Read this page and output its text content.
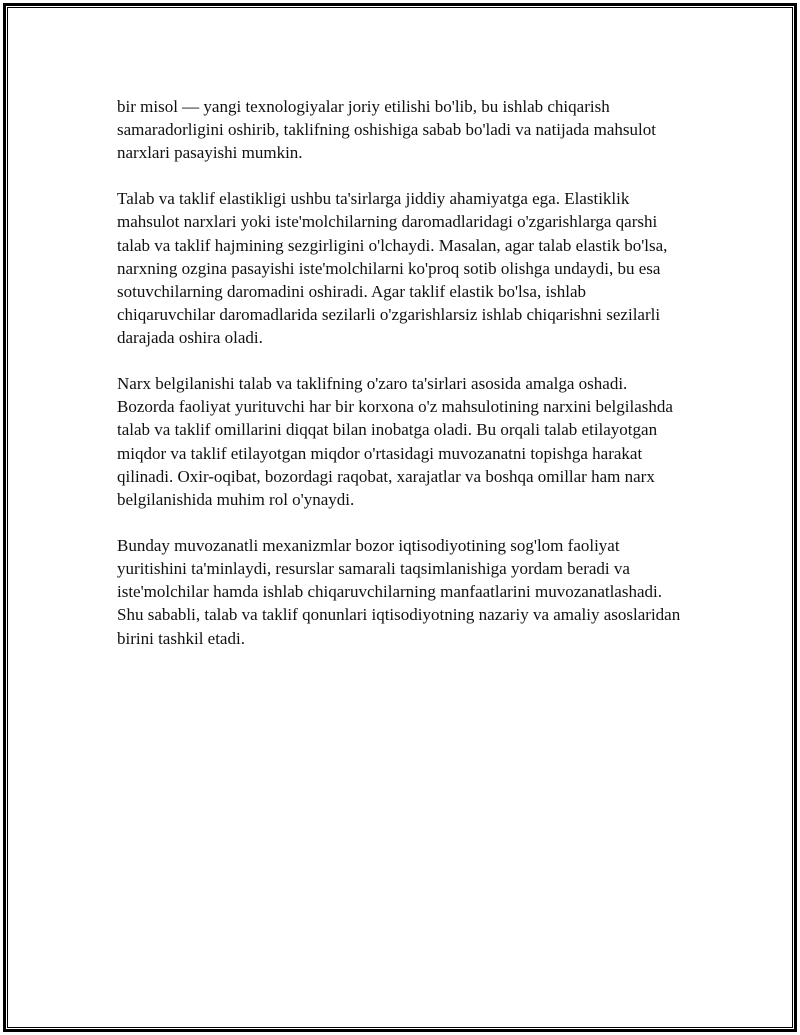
bir misol — yangi texnologiyalar joriy etilishi bo'lib, bu ishlab chiqarish samaradorligini oshirib, taklifning oshishiga sabab bo'ladi va natijada mahsulot narxlari pasayishi mumkin.

Talab va taklif elastikligi ushbu ta'sirlarga jiddiy ahamiyatga ega. Elastiklik mahsulot narxlari yoki iste'molchilarning daromadlaridagi o'zgarishlarga qarshi talab va taklif hajmining sezgirligini o'lchaydi. Masalan, agar talab elastik bo'lsa, narxning ozgina pasayishi iste'molchilarni ko'proq sotib olishga undaydi, bu esa sotuvchilarning daromadini oshiradi. Agar taklif elastik bo'lsa, ishlab chiqaruvchilar daromadlarida sezilarli o'zgarishlarsiz ishlab chiqarishni sezilarli darajada oshira oladi.

Narx belgilanishi talab va taklifning o'zaro ta'sirlari asosida amalga oshadi. Bozorda faoliyat yurituvchi har bir korxona o'z mahsulotining narxini belgilashda talab va taklif omillarini diqqat bilan inobatga oladi. Bu orqali talab etilayotgan miqdor va taklif etilayotgan miqdor o'rtasidagi muvozanatni topishga harakat qilinadi. Oxir-oqibat, bozordagi raqobat, xarajatlar va boshqa omillar ham narx belgilanishida muhim rol o'ynaydi.

Bunday muvozanatli mexanizmlar bozor iqtisodiyotining sog'lom faoliyat yuritishini ta'minlaydi, resurslar samarali taqsimlanishiga yordam beradi va iste'molchilar hamda ishlab chiqaruvchilarning manfaatlarini muvozanatlashadi. Shu sababli, talab va taklif qonunlari iqtisodiyotning nazariy va amaliy asoslaridan birini tashkil etadi.
